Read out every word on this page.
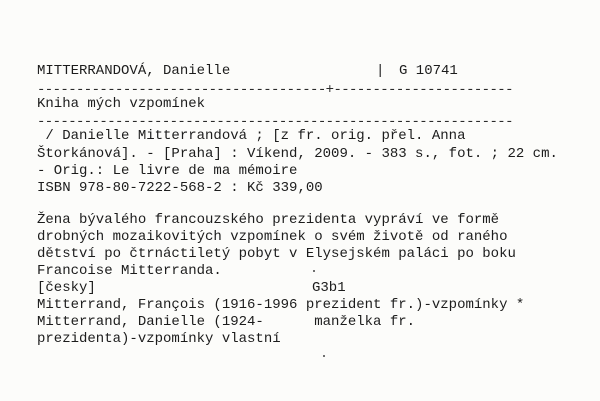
MITTERRANDOVÁ, Danielle	| G 10741
-------------------------------------+-----------------------
Kniha mých vzpomínek
-------------------------------------------------------------
/ Danielle Mitterrandová ; [z fr. orig. přel. Anna
Štorkánová]. - [Praha] : Víkend, 2009. - 383 s., fot. ; 22 cm.
- Orig.: Le livre de ma mémoire
ISBN 978-80-7222-568-2 : Kč 339,00
Žena bývalého francouzského prezidenta vypráví ve formě
drobných mozaikovitých vzpomínek o svém životě od raného
dětství po čtrnáctiletý pobyt v Elysejském paláci po boku
Francoise Mitterranda.
[česky]	G3b1
Mitterrand, François (1916-1996 prezident fr.)-vzpomínky *
Mitterrand, Danielle (1924-      manželka fr.
prezidenta)-vzpomínky vlastní
